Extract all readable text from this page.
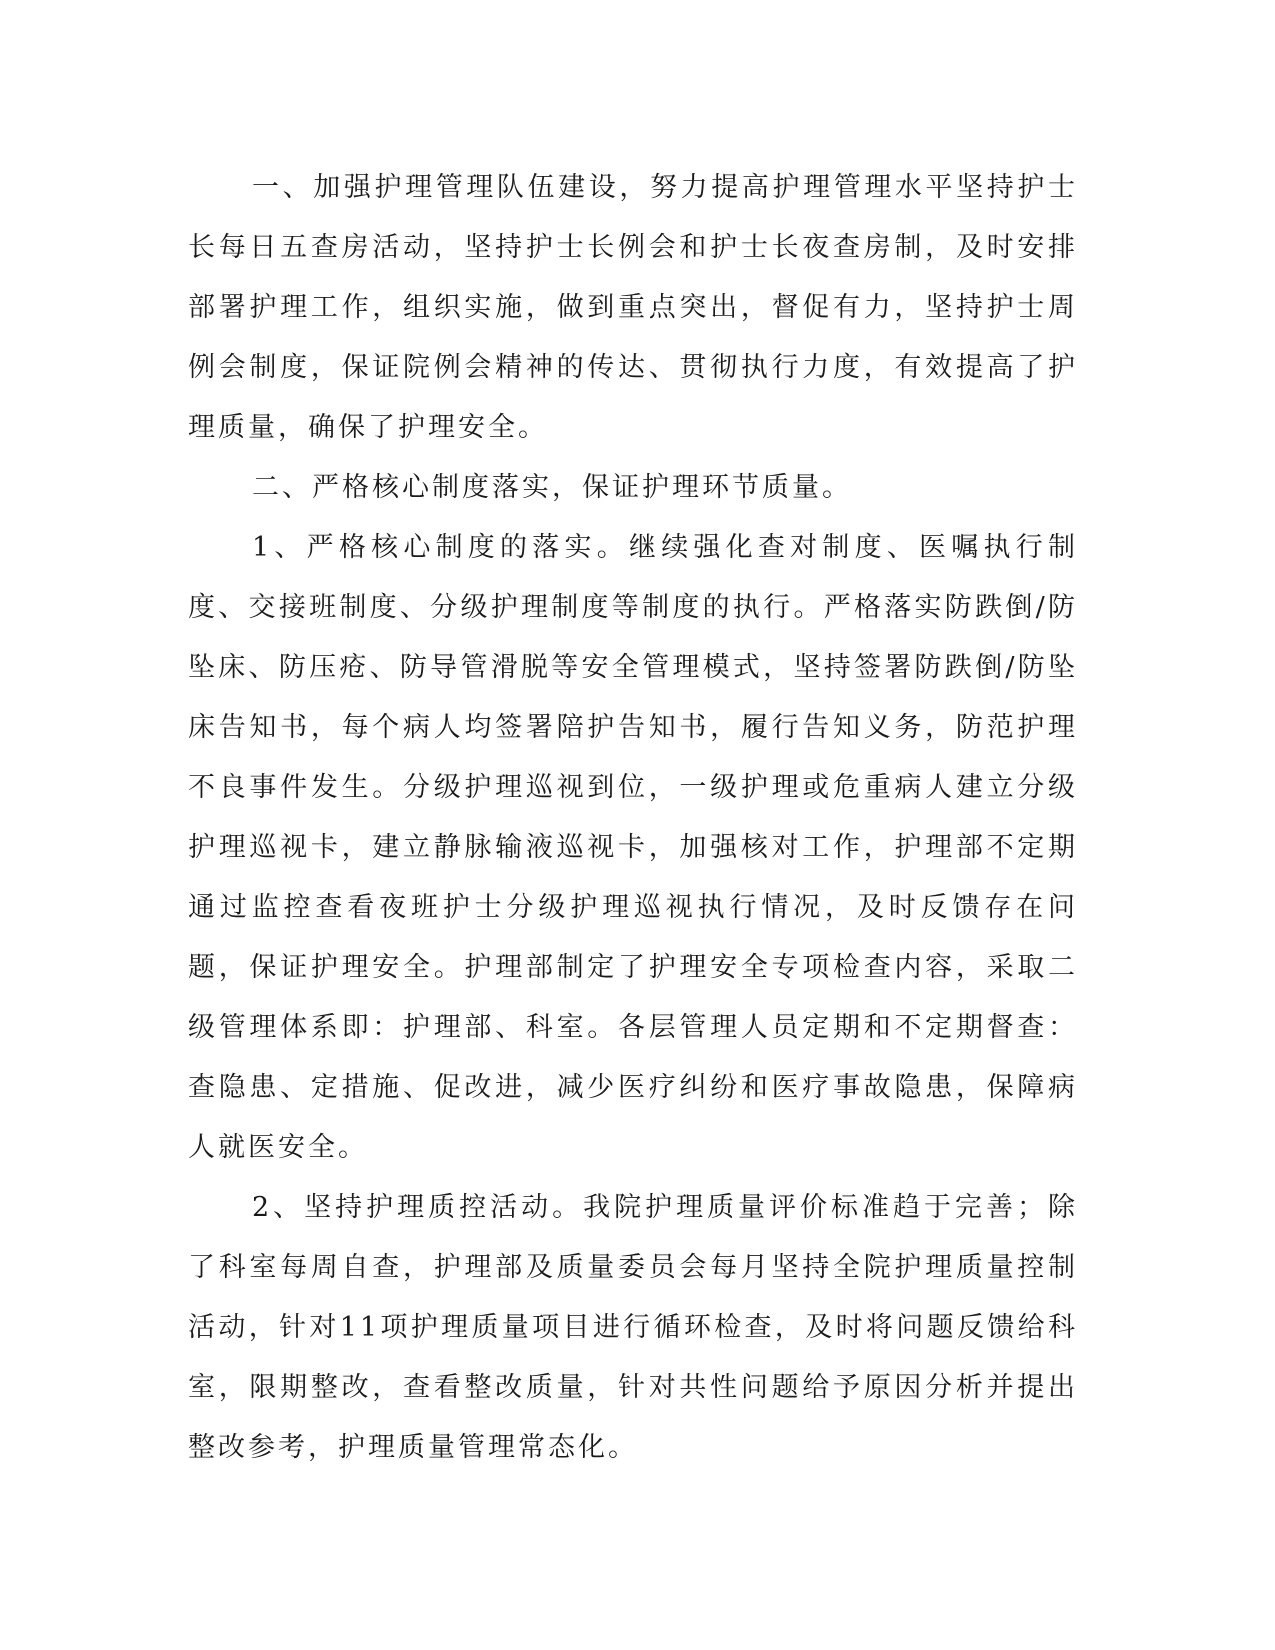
一、加强护理管理队伍建设，努力提高护理管理水平坚持护士长每日五查房活动，坚持护士长例会和护士长夜查房制，及时安排部署护理工作，组织实施，做到重点突出，督促有力，坚持护士周例会制度，保证院例会精神的传达、贯彻执行力度，有效提高了护理质量，确保了护理安全。

二、严格核心制度落实，保证护理环节质量。

1、严格核心制度的落实。继续强化查对制度、医嘱执行制度、交接班制度、分级护理制度等制度的执行。严格落实防跌倒/防坠床、防压疮、防导管滑脱等安全管理模式，坚持签署防跌倒/防坠床告知书，每个病人均签署陪护告知书，履行告知义务，防范护理不良事件发生。分级护理巡视到位，一级护理或危重病人建立分级护理巡视卡，建立静脉输液巡视卡，加强核对工作，护理部不定期通过监控查看夜班护士分级护理巡视执行情况，及时反馈存在问题，保证护理安全。护理部制定了护理安全专项检查内容，采取二级管理体系即：护理部、科室。各层管理人员定期和不定期督查：查隐患、定措施、促改进，减少医疗纠纷和医疗事故隐患，保障病人就医安全。

2、坚持护理质控活动。我院护理质量评价标准趋于完善；除了科室每周自查，护理部及质量委员会每月坚持全院护理质量控制活动，针对11项护理质量项目进行循环检查，及时将问题反馈给科室，限期整改，查看整改质量，针对共性问题给予原因分析并提出整改参考，护理质量管理常态化。
